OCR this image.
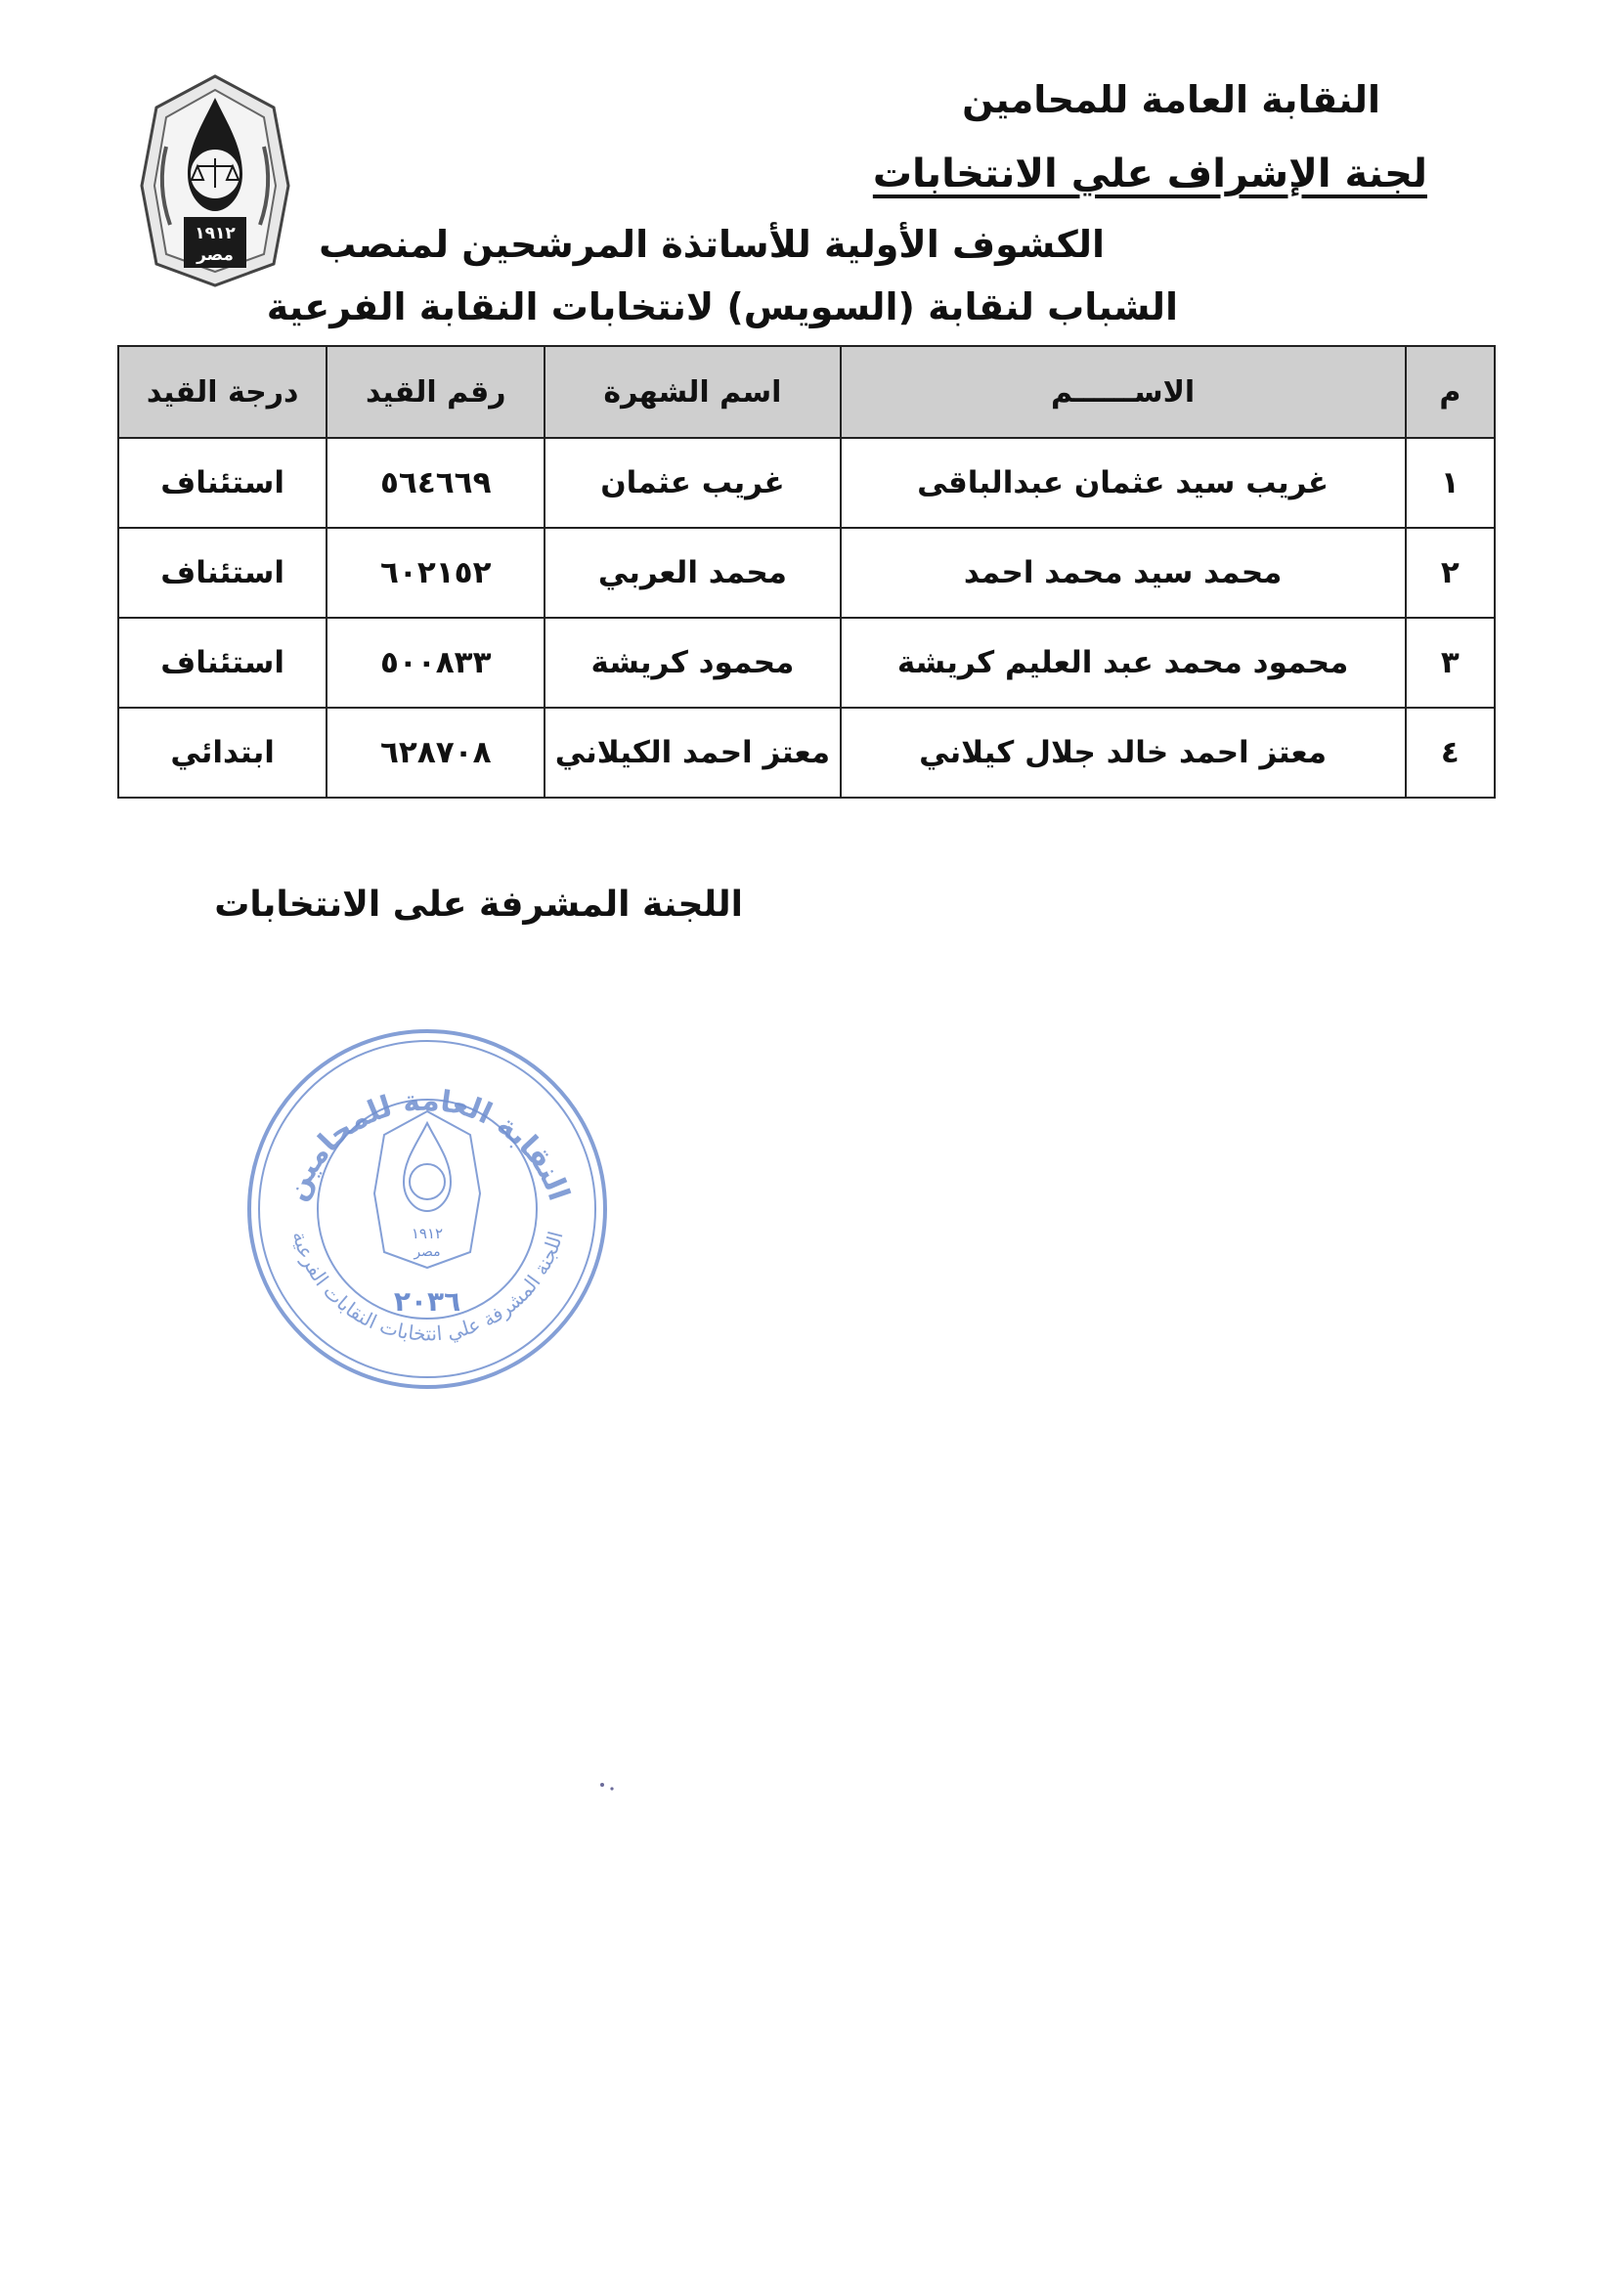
١٩١٢
مصر
النقابة العامة للمحامين
لجنة الإشراف علي الانتخابات
الكشوف الأولية للأساتذة المرشحين لمنصب
الشباب لنقابة (السويس) لانتخابات النقابة الفرعية
م	الاســــــم	اسم الشهرة	رقم القيد	درجة القيد
١	غريب سيد عثمان عبدالباقى	غريب عثمان	٥٦٤٦٦٩	استئناف
٢	محمد سيد محمد احمد	محمد العربي	٦٠٢١٥٢	استئناف
٣	محمود محمد عبد العليم كريشة	محمود كريشة	٥٠٠٨٣٣	استئناف
٤	معتز احمد خالد جلال كيلاني	معتز احمد الكيلاني	٦٢٨٧٠٨	ابتدائي
اللجنة المشرفة على الانتخابات
النقابة العامة للمحامين
اللجنة المشرفة علي انتخابات النقابات الفرعية
١٩١٢
مصر
٢٠٣٦
